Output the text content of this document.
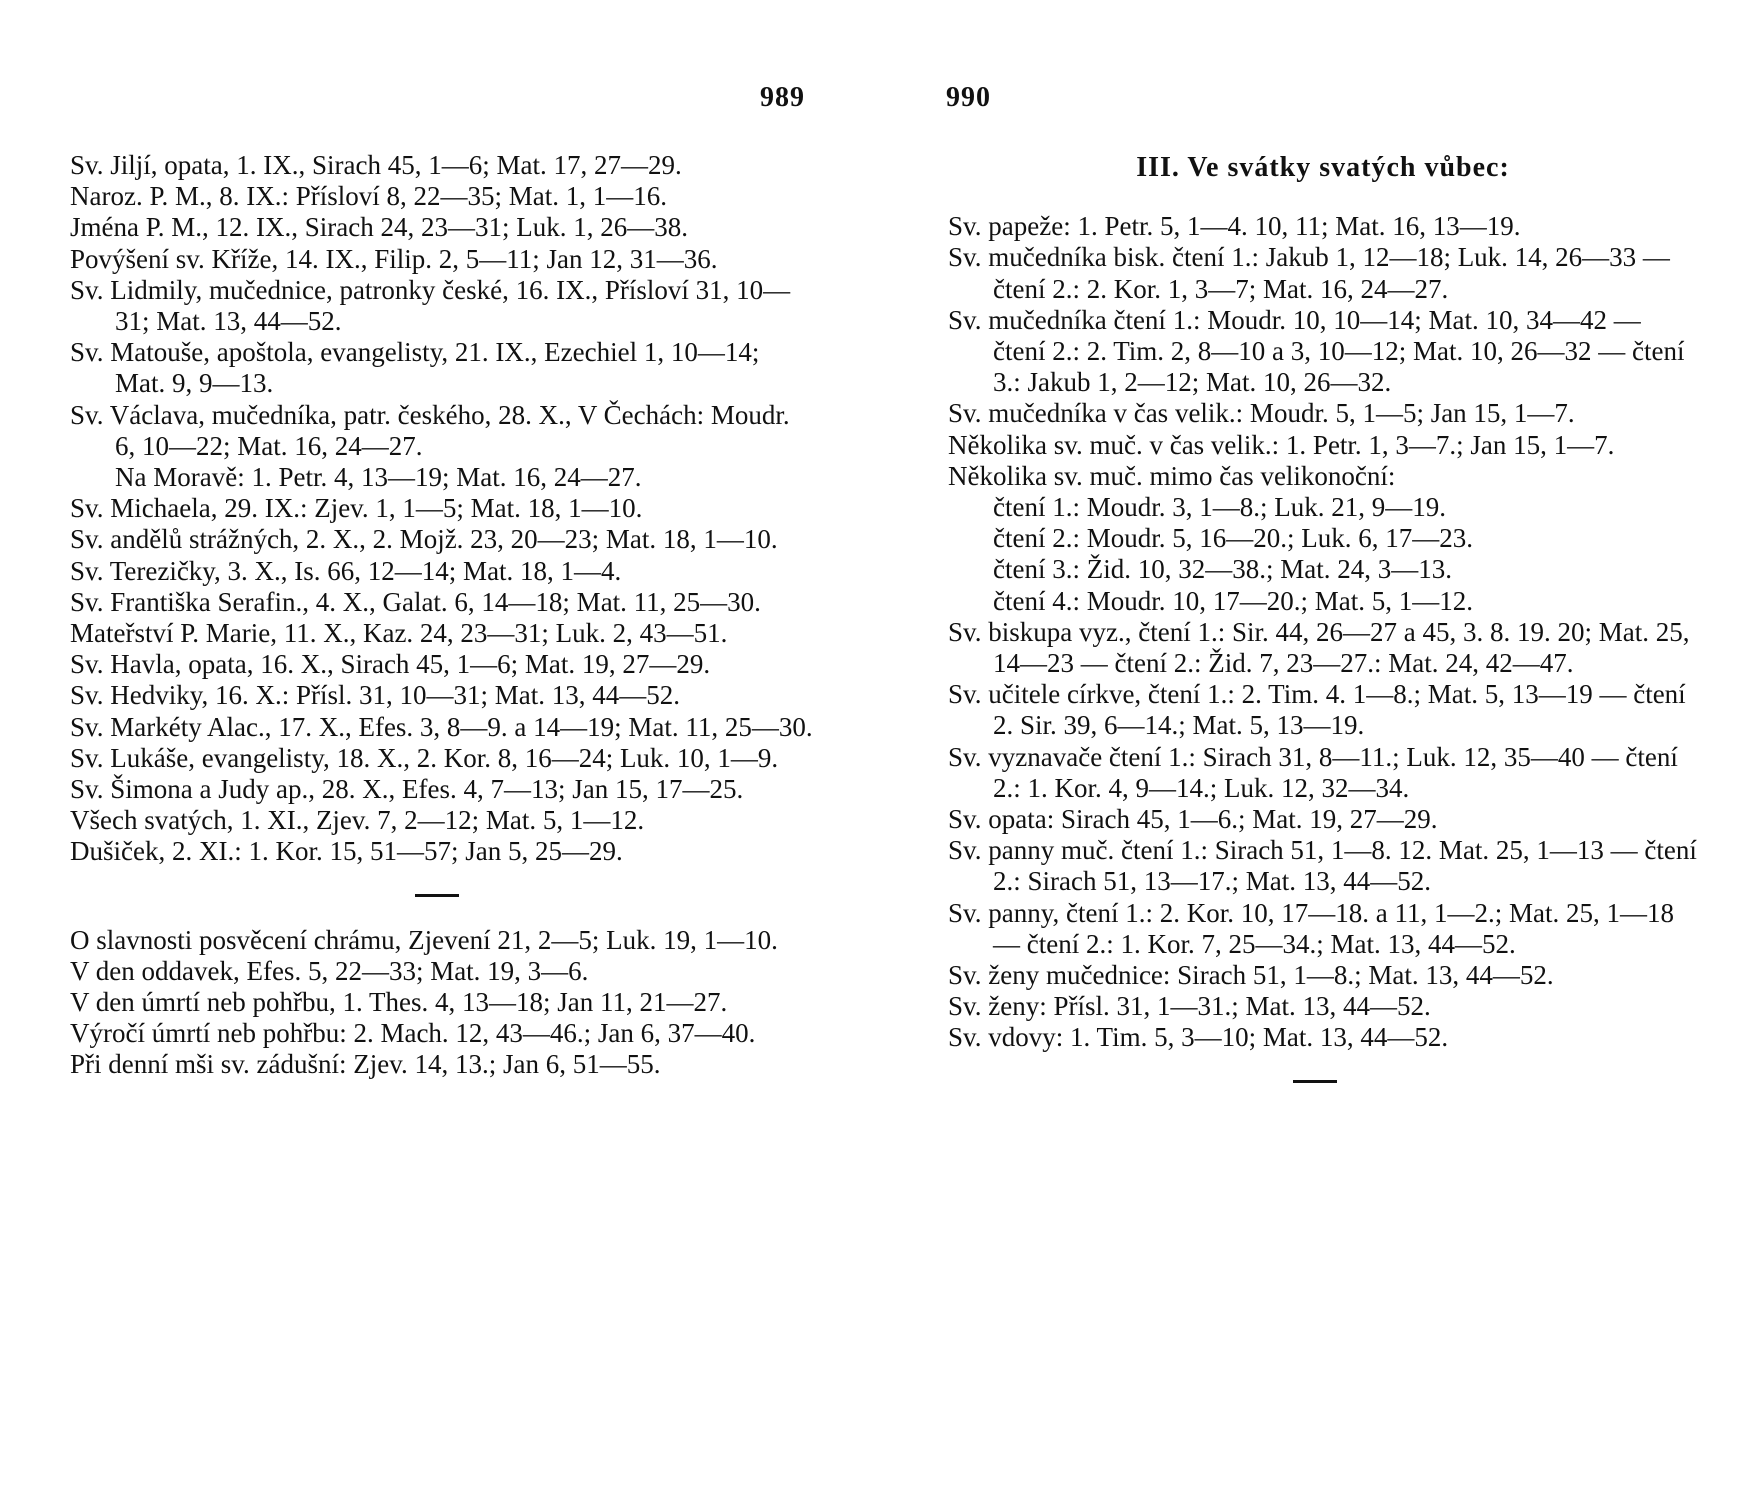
989	990

Sv. Jiljí, opata, 1. IX., Sirach 45, 1—6; Mat. 17, 27—29.

Naroz. P. M., 8. IX.: Přísloví 8, 22—35; Mat. 1, 1—16.

Jména P. M., 12. IX., Sirach 24, 23—31; Luk. 1, 26—38.

Povýšení sv. Kříže, 14. IX., Filip. 2, 5—11; Jan 12, 31—36.

Sv. Lidmily, mučednice, patronky české, 16. IX., Přísloví 31, 10—31; Mat. 13, 44—52.

Sv. Matouše, apoštola, evangelisty, 21. IX., Ezechiel 1, 10—14; Mat. 9, 9—13.

Sv. Václava, mučedníka, patr. českého, 28. X., V Čechách: Moudr. 6, 10—22; Mat. 16, 24—27.

Na Moravě: 1. Petr. 4, 13—19; Mat. 16, 24—27.

Sv. Michaela, 29. IX.: Zjev. 1, 1—5; Mat. 18, 1—10.

Sv. andělů strážných, 2. X., 2. Mojž. 23, 20—23; Mat. 18, 1—10.

Sv. Terezičky, 3. X., Is. 66, 12—14; Mat. 18, 1—4.

Sv. Františka Serafin., 4. X., Galat. 6, 14—18; Mat. 11, 25—30.

Mateřství P. Marie, 11. X., Kaz. 24, 23—31; Luk. 2, 43—51.

Sv. Havla, opata, 16. X., Sirach 45, 1—6; Mat. 19, 27—29.

Sv. Hedviky, 16. X.: Přísl. 31, 10—31; Mat. 13, 44—52.

Sv. Markéty Alac., 17. X., Efes. 3, 8—9. a 14—19; Mat. 11, 25—30.

Sv. Lukáše, evangelisty, 18. X., 2. Kor. 8, 16—24; Luk. 10, 1—9.

Sv. Šimona a Judy ap., 28. X., Efes. 4, 7—13; Jan 15, 17—25.

Všech svatých, 1. XI., Zjev. 7, 2—12; Mat. 5, 1—12.

Dušiček, 2. XI.: 1. Kor. 15, 51—57; Jan 5, 25—29.

O slavnosti posvěcení chrámu, Zjevení 21, 2—5; Luk. 19, 1—10.

V den oddavek, Efes. 5, 22—33; Mat. 19, 3—6.

V den úmrtí neb pohřbu, 1. Thes. 4, 13—18; Jan 11, 21—27.

Výročí úmrtí neb pohřbu: 2. Mach. 12, 43—46.; Jan 6, 37—40.

Při denní mši sv. zádušní: Zjev. 14, 13.; Jan 6, 51—55.

III. Ve svátky svatých vůbec:

Sv. papeže: 1. Petr. 5, 1—4. 10, 11; Mat. 16, 13—19.

Sv. mučedníka bisk. čtení 1.: Jakub 1, 12—18; Luk. 14, 26—33 — čtení 2.: 2. Kor. 1, 3—7; Mat. 16, 24—27.

Sv. mučedníka čtení 1.: Moudr. 10, 10—14; Mat. 10, 34—42 — čtení 2.: 2. Tim. 2, 8—10 a 3, 10—12; Mat. 10, 26—32 — čtení 3.: Jakub 1, 2—12; Mat. 10, 26—32.

Sv. mučedníka v čas velik.: Moudr. 5, 1—5; Jan 15, 1—7.

Několika sv. muč. v čas velik.: 1. Petr. 1, 3—7.; Jan 15, 1—7.

Několika sv. muč. mimo čas velikonoční:

čtení 1.: Moudr. 3, 1—8.; Luk. 21, 9—19.

čtení 2.: Moudr. 5, 16—20.; Luk. 6, 17—23.

čtení 3.: Žid. 10, 32—38.; Mat. 24, 3—13.

čtení 4.: Moudr. 10, 17—20.; Mat. 5, 1—12.

Sv. biskupa vyz., čtení 1.: Sir. 44, 26—27 a 45, 3. 8. 19. 20; Mat. 25, 14—23 — čtení 2.: Žid. 7, 23—27.: Mat. 24, 42—47.

Sv. učitele církve, čtení 1.: 2. Tim. 4. 1—8.; Mat. 5, 13—19 — čtení 2. Sir. 39, 6—14.; Mat. 5, 13—19.

Sv. vyznavače čtení 1.: Sirach 31, 8—11.; Luk. 12, 35—40 — čtení 2.: 1. Kor. 4, 9—14.; Luk. 12, 32—34.

Sv. opata: Sirach 45, 1—6.; Mat. 19, 27—29.

Sv. panny muč. čtení 1.: Sirach 51, 1—8. 12. Mat. 25, 1—13 — čtení 2.: Sirach 51, 13—17.; Mat. 13, 44—52.

Sv. panny, čtení 1.: 2. Kor. 10, 17—18. a 11, 1—2.; Mat. 25, 1—18 — čtení 2.: 1. Kor. 7, 25—34.; Mat. 13, 44—52.

Sv. ženy mučednice: Sirach 51, 1—8.; Mat. 13, 44—52.

Sv. ženy: Přísl. 31, 1—31.; Mat. 13, 44—52.

Sv. vdovy: 1. Tim. 5, 3—10; Mat. 13, 44—52.
